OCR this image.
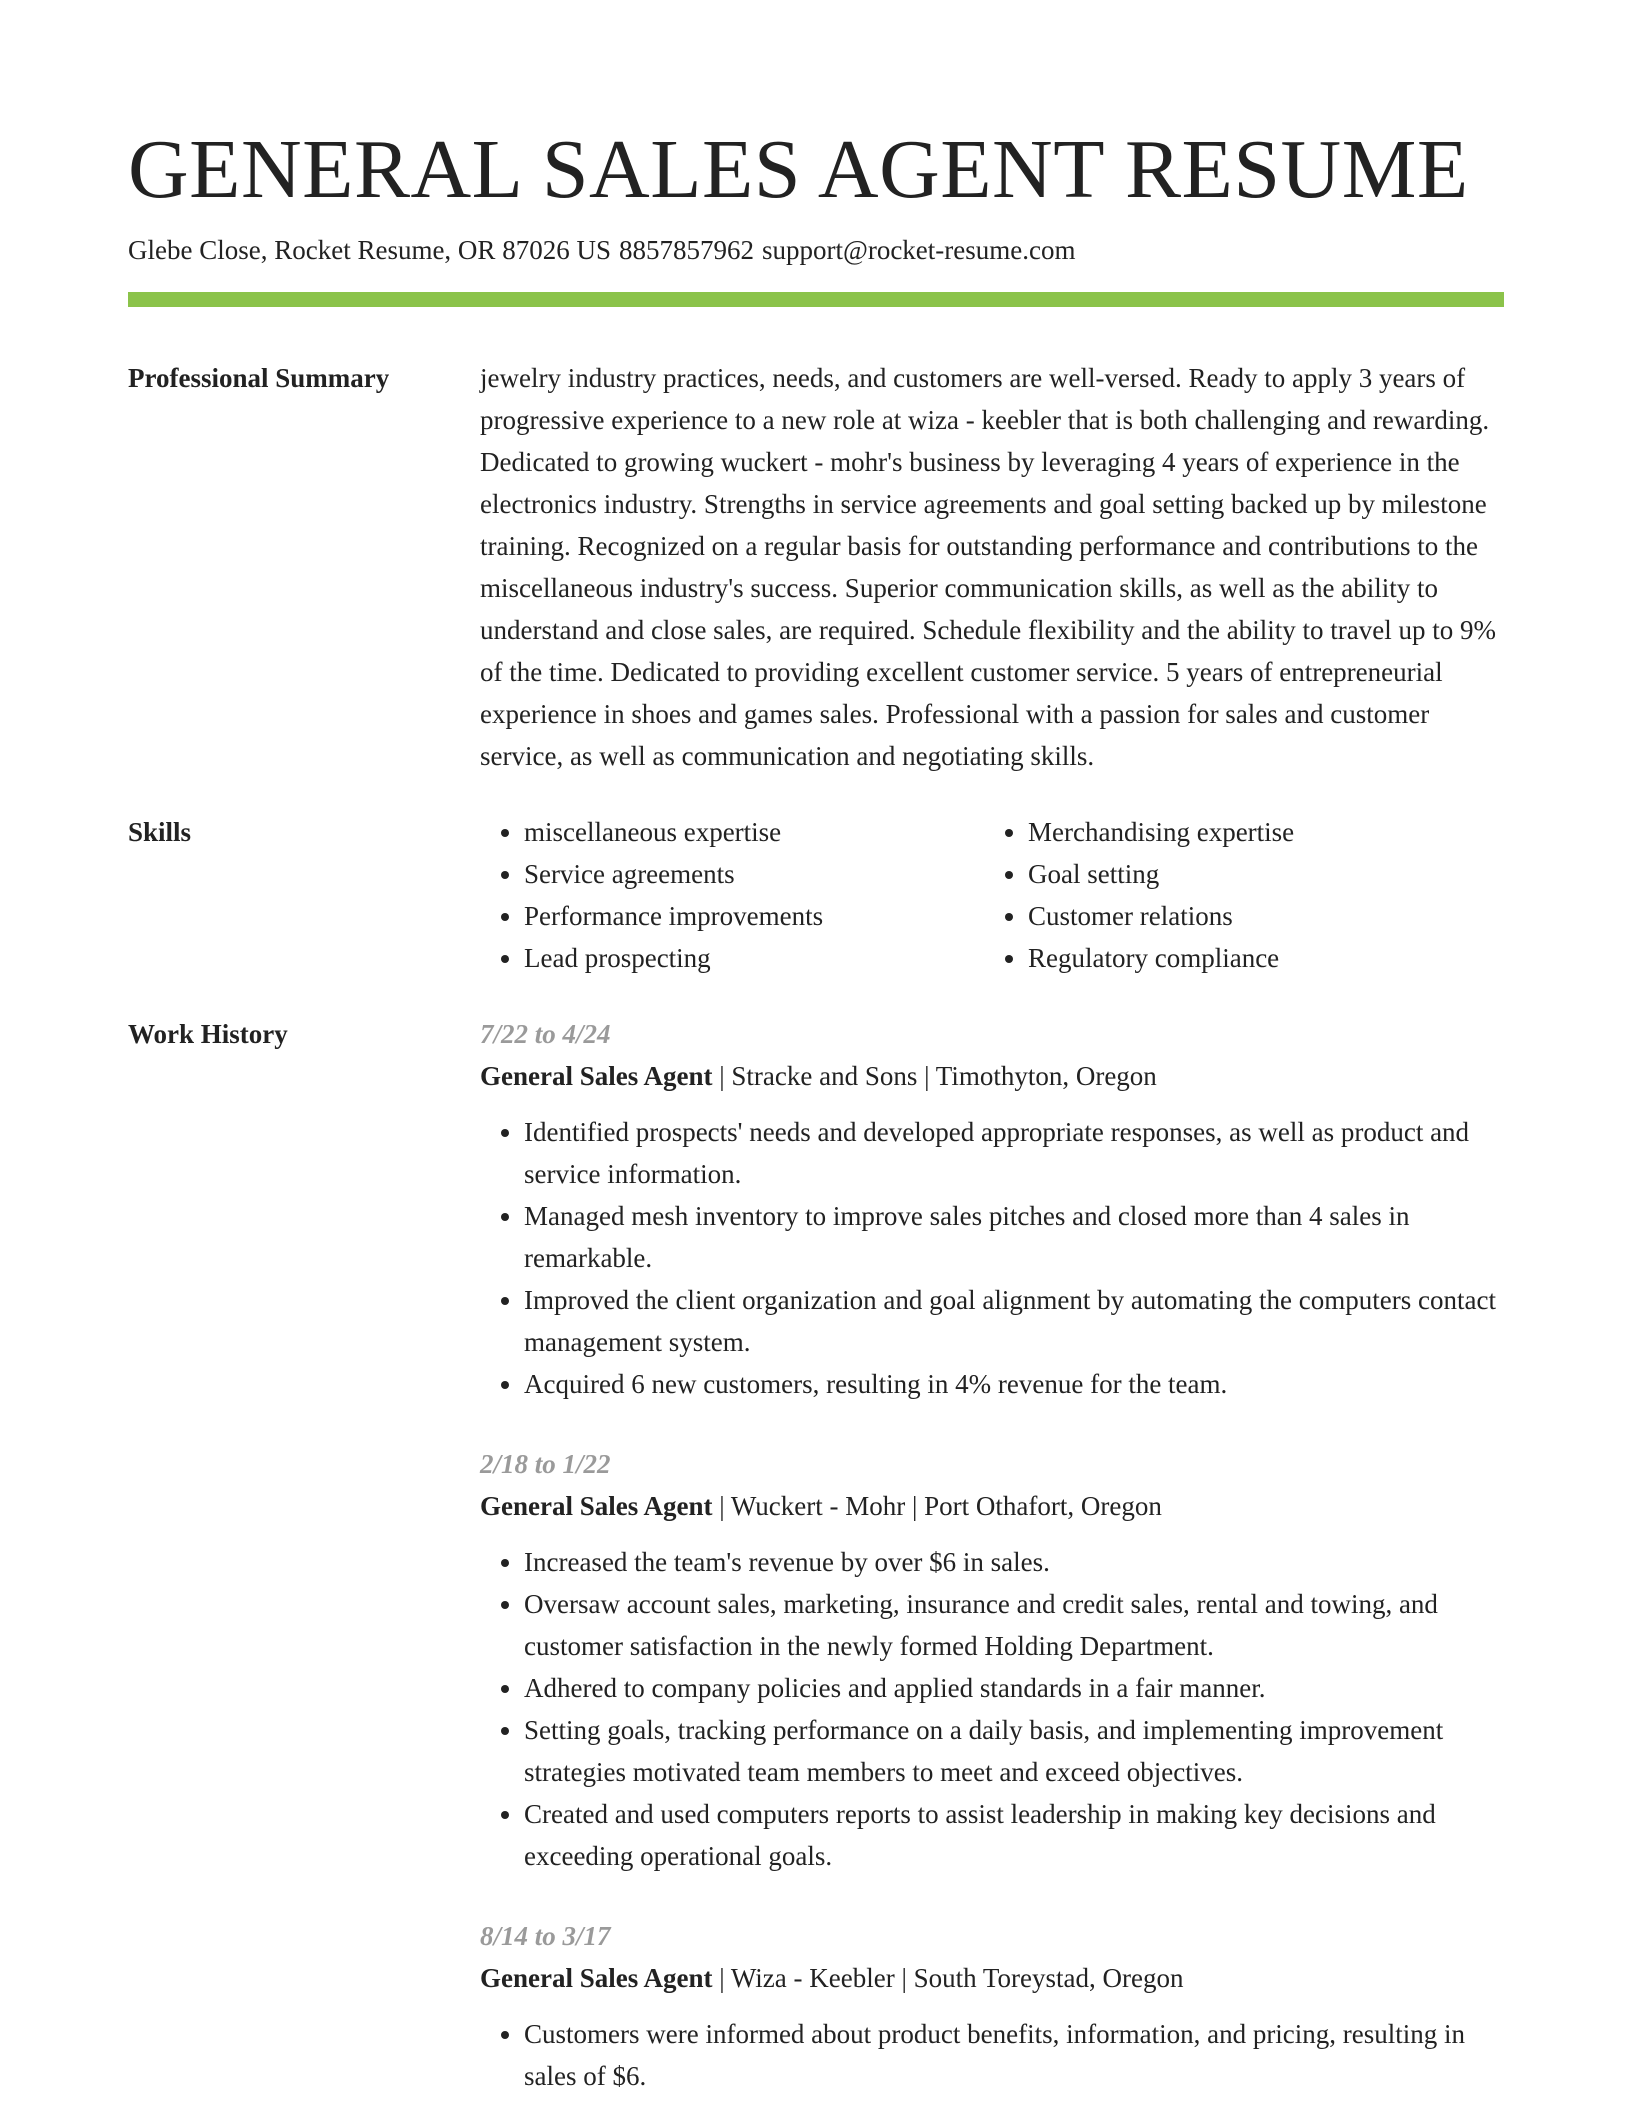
GENERAL SALES AGENT RESUME
Glebe Close, Rocket Resume, OR 87026 US 8857857962 support@rocket-resume.com
Professional Summary	jewelry industry practices, needs, and customers are well-versed. Ready to apply 3 years of progressive experience to a new role at wiza - keebler that is both challenging and rewarding. Dedicated to growing wuckert - mohr's business by leveraging 4 years of experience in the electronics industry. Strengths in service agreements and goal setting backed up by milestone training. Recognized on a regular basis for outstanding performance and contributions to the miscellaneous industry's success. Superior communication skills, as well as the ability to understand and close sales, are required. Schedule flexibility and the ability to travel up to 9% of the time. Dedicated to providing excellent customer service. 5 years of entrepreneurial experience in shoes and games sales. Professional with a passion for sales and customer service, as well as communication and negotiating skills.
Skills
•	miscellaneous expertise
• Service agreements
• Performance improvements
• Lead prospecting
• Merchandising expertise
• Goal setting
• Customer relations
• Regulatory compliance
Work History	7/22 to 4/24
General Sales Agent | Stracke and Sons | Timothyton, Oregon
• Identified prospects' needs and developed appropriate responses, as well as product and service information.
• Managed mesh inventory to improve sales pitches and closed more than 4 sales in remarkable.
• Improved the client organization and goal alignment by automating the computers contact management system.
• Acquired 6 new customers, resulting in 4% revenue for the team.
2/18 to 1/22
General Sales Agent | Wuckert - Mohr | Port Othafort, Oregon
• Increased the team's revenue by over $6 in sales.
• Oversaw account sales, marketing, insurance and credit sales, rental and towing, and customer satisfaction in the newly formed Holding Department.
• Adhered to company policies and applied standards in a fair manner.
• Setting goals, tracking performance on a daily basis, and implementing improvement strategies motivated team members to meet and exceed objectives.
• Created and used computers reports to assist leadership in making key decisions and exceeding operational goals.
8/14 to 3/17
General Sales Agent | Wiza - Keebler | South Toreystad, Oregon
• Customers were informed about product benefits, information, and pricing, resulting in sales of $6.
